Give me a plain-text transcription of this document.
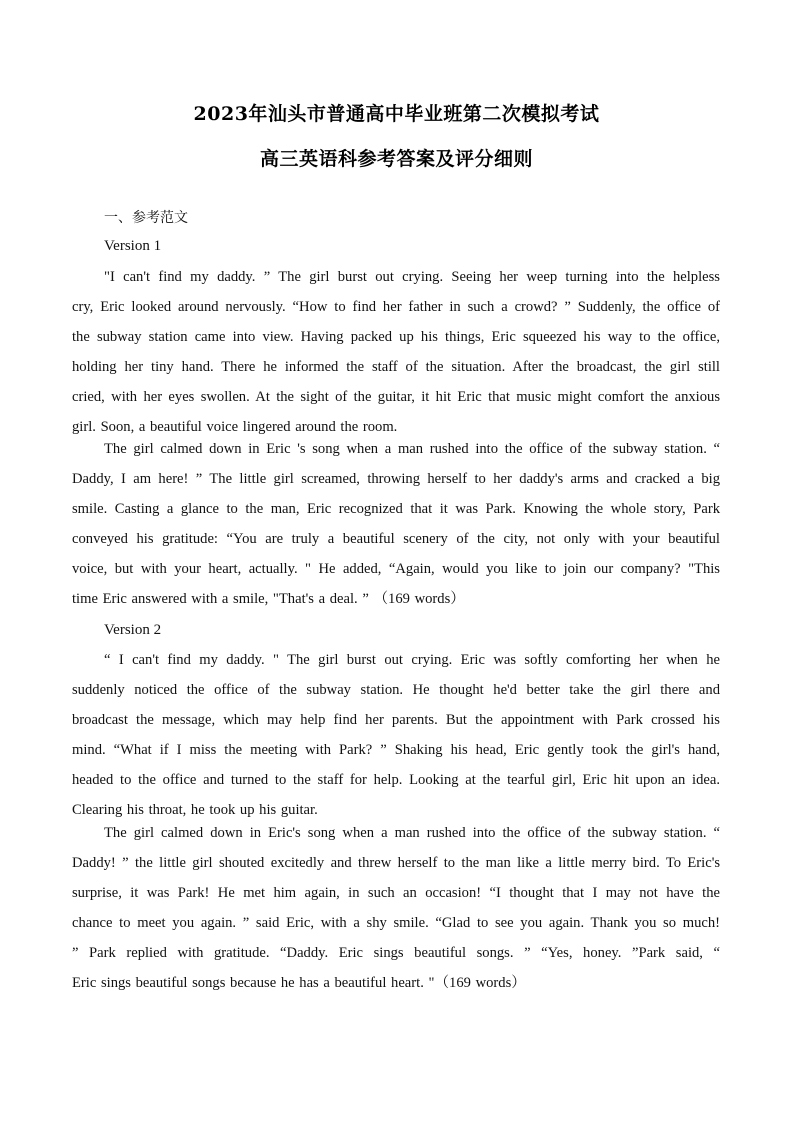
2023年汕头市普通高中毕业班第二次模拟考试
高三英语科参考答案及评分细则
一、参考范文
Version 1
"I can't find my daddy. ” The girl burst out crying. Seeing her weep turning into the helpless
cry, Eric looked around nervously. “How to find her father in such a crowd? ” Suddenly, the office of
the subway station came into view. Having packed up his things, Eric squeezed his way to the office,
holding her tiny hand. There he informed the staff of the situation. After the broadcast, the girl still
cried, with her eyes swollen. At the sight of the guitar, it hit Eric that music might comfort the anxious
girl. Soon, a beautiful voice lingered around the room.
The girl calmed down in Eric 's song when a man rushed into the office of the subway station. “
Daddy, I am here! ” The little girl screamed, throwing herself to her daddy's arms and cracked a big
smile. Casting a glance to the man, Eric recognized that it was Park. Knowing the whole story, Park
conveyed his gratitude: “You are truly a beautiful scenery of the city, not only with your beautiful
voice, but with your heart, actually. " He added, “Again, would you like to join our company? "This
time Eric answered with a smile, "That's a deal. ” （169 words）
Version 2
“ I can't find my daddy. " The girl burst out crying. Eric was softly comforting her when he
suddenly noticed the office of the subway station. He thought he'd better take the girl there and
broadcast the message, which may help find her parents. But the appointment with Park crossed his
mind. “What if I miss the meeting with Park? ” Shaking his head, Eric gently took the girl's hand,
headed to the office and turned to the staff for help. Looking at the tearful girl, Eric hit upon an idea.
Clearing his throat, he took up his guitar.
The girl calmed down in Eric's song when a man rushed into the office of the subway station. “
Daddy! ” the little girl shouted excitedly and threw herself to the man like a little merry bird. To Eric's
surprise, it was Park! He met him again, in such an occasion! “I thought that I may not have the
chance to meet you again. ” said Eric, with a shy smile. “Glad to see you again. Thank you so much!
” Park replied with gratitude. “Daddy. Eric sings beautiful songs. ” “Yes, honey. ”Park said, “
Eric sings beautiful songs because he has a beautiful heart. "（169 words）
